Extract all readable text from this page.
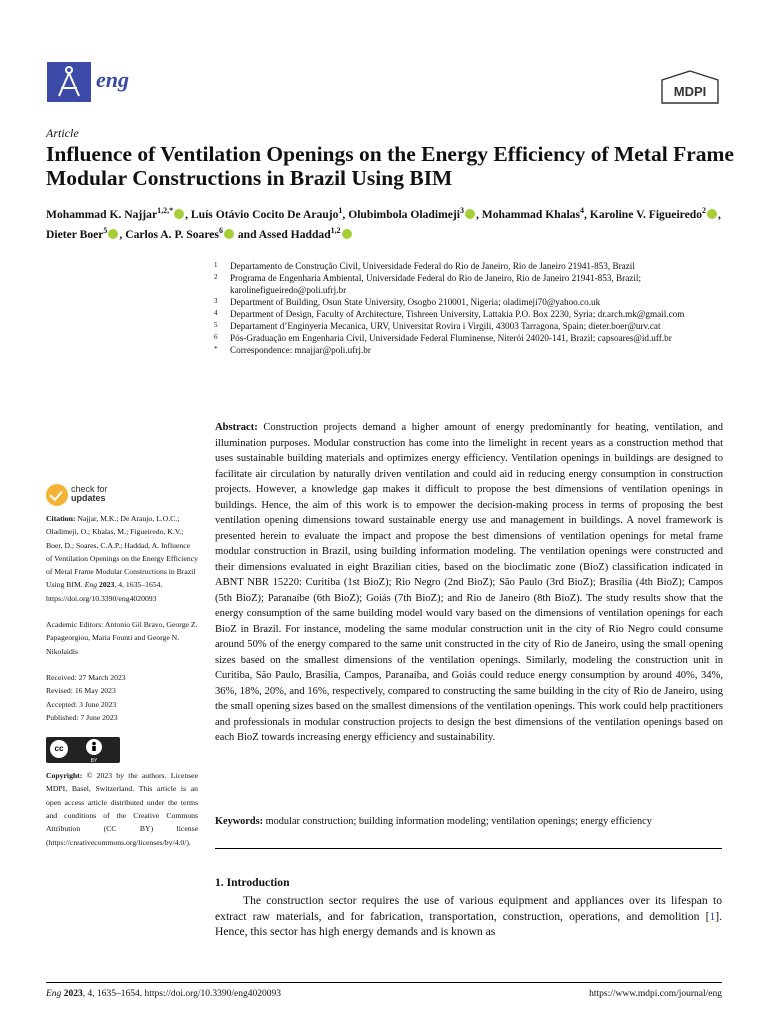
eng	MDPI
Article
Influence of Ventilation Openings on the Energy Efficiency of Metal Frame Modular Constructions in Brazil Using BIM
Mohammad K. Najjar$^{1,2,*}$ , Luís Otávio Cocito De Araujo$^1$, Olubimbola Oladimeji$^3$ , Mohammad Khalas$^4$, Karoline V. Figueiredo$^2$ , Dieter Boer$^5$ , Carlos A. P. Soares$^6$ and Assed Haddad$^{1,2}$
1	Departamento de Construção Civil, Universidade Federal do Rio de Janeiro, Rio de Janeiro 21941-853, Brazil
2	Programa de Engenharia Ambiental, Universidade Federal do Rio de Janeiro, Rio de Janeiro 21941-853, Brazil; karolinefigueiredo@poli.ufrj.br
3	Department of Building, Osun State University, Osogbo 210001, Nigeria; oladimeji70@yahoo.co.uk
4	Department of Design, Faculty of Architecture, Tishreen University, Lattakia P.O. Box 2230, Syria; dr.arch.mk@gmail.com
5	Departament d’Enginyeria Mecanica, URV, Universitat Rovira i Virgili, 43003 Tarragona, Spain; dieter.boer@urv.cat
6	Pós-Graduação em Engenharia Civil, Universidade Federal Fluminense, Niterói 24020-141, Brazil; capsoares@id.uff.br
*	Correspondence: mnajjar@poli.ufrj.br
Abstract: Construction projects demand a higher amount of energy predominantly for heating, ventilation, and illumination purposes. Modular construction has come into the limelight in recent years as a construction method that uses sustainable building materials and optimizes energy efficiency. Ventilation openings in buildings are designed to facilitate air circulation by naturally driven ventilation and could aid in reducing energy consumption in construction projects. However, a knowledge gap makes it difficult to propose the best dimensions of ventilation openings in buildings. Hence, the aim of this work is to empower the decision-making process in terms of proposing the best ventilation opening dimensions toward sustainable energy use and management in buildings. A novel framework is presented herein to evaluate the impact and propose the best dimensions of ventilation openings for metal frame modular construction in Brazil, using building information modeling. The ventilation openings were constructed and their dimensions evaluated in eight Brazilian cities, based on the bioclimatic zone (BioZ) classification indicated in ABNT NBR 15220: Curitiba (1st BioZ); Rio Negro (2nd BioZ); São Paulo (3rd BioZ); Brasília (4th BioZ); Campos (5th BioZ); Paranaíbe (6th BioZ); Goiás (7th BioZ); and Rio de Janeiro (8th BioZ). The study results show that the energy consumption of the same building model would vary based on the dimensions of ventilation openings for each BioZ in Brazil. For instance, modeling the same modular construction unit in the city of Rio Negro could consume around 50% of the energy compared to the same unit constructed in the city of Rio de Janeiro, using the small opening sizes based on the smallest dimensions of the ventilation openings. Similarly, modeling the construction unit in Curitiba, São Paulo, Brasília, Campos, Paranaíba, and Goiás could reduce energy consumption by around 40%, 34%, 36%, 18%, 20%, and 16%, respectively, compared to constructing the same building in the city of Rio de Janeiro, using the small opening sizes based on the smallest dimensions of the ventilation openings. This work could help practitioners and professionals in modular construction projects to design the best dimensions of the ventilation openings based on each BioZ towards increasing energy efficiency and sustainability.
Keywords: modular construction; building information modeling; ventilation openings; energy efficiency
1. Introduction
The construction sector requires the use of various equipment and appliances over its lifespan to extract raw materials, and for fabrication, transportation, construction, operations, and demolition [1]. Hence, this sector has high energy demands and is known as
check for
updates
Citation: Najjar, M.K.; De Araujo, L.O.C.; Oladimeji, O.; Khalas, M.; Figueiredo, K.V.; Boer, D.; Soares, C.A.P.; Haddad, A. Influence of Ventilation Openings on the Energy Efficiency of Metal Frame Modular Constructions in Brazil Using BIM. Eng 2023, 4, 1635–1654. https://doi.org/10.3390/eng4020093
Academic Editors: Antonio Gil Bravo, George Z. Papageorgiou, Maria Founti and George N. Nikolaidis
Received: 27 March 2023
Revised: 16 May 2023
Accepted: 3 June 2023
Published: 7 June 2023
cc
BY
Copyright: © 2023 by the authors. Licensee MDPI, Basel, Switzerland. This article is an open access article distributed under the terms and conditions of the Creative Commons Attribution (CC BY) license (https://creativecommons.org/licenses/by/4.0/).
Eng 2023, 4, 1635–1654. https://doi.org/10.3390/eng4020093	https://www.mdpi.com/journal/eng
